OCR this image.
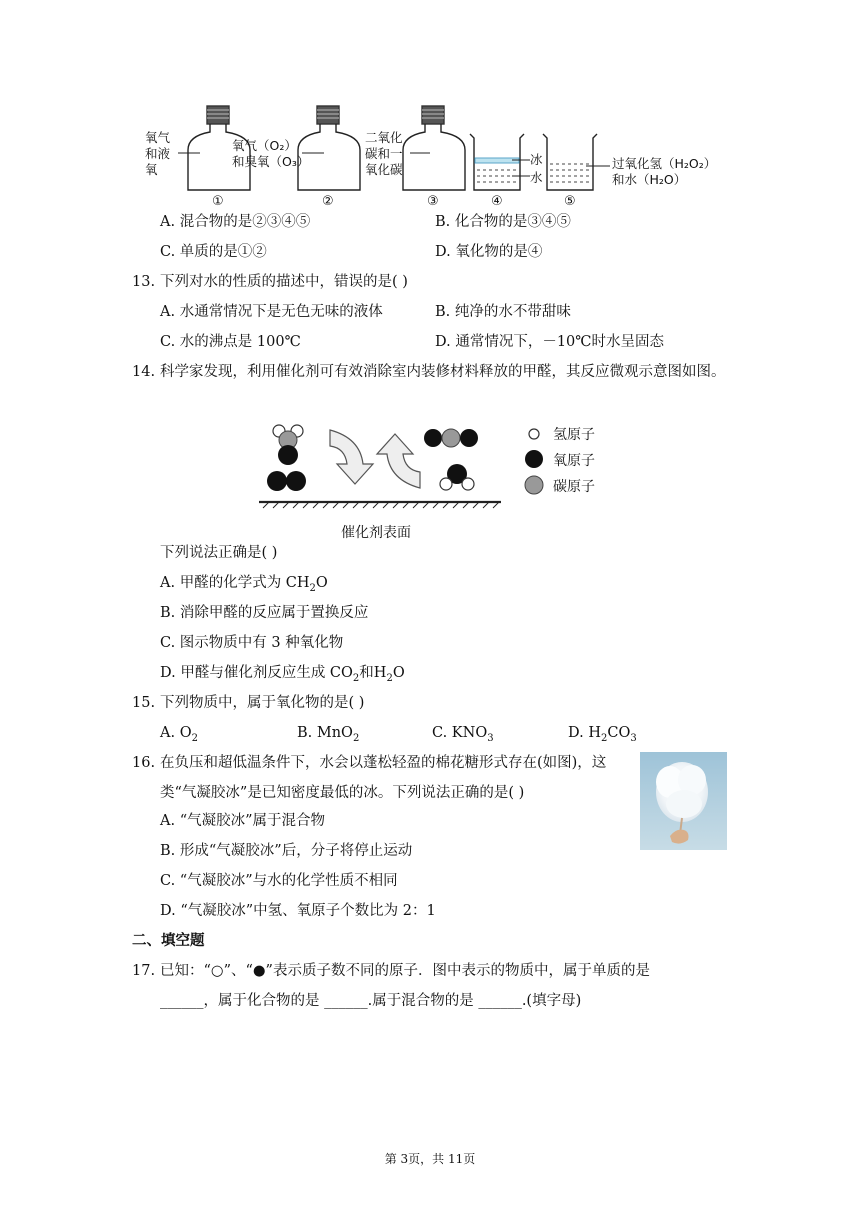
氧气
和液
氧
①
氧气（O₂）
和臭氧（O₃）
②
二氧化
碳和一
氧化碳
③
冰
水
④
过氧化氢（H₂O₂）
和水（H₂O）
⑤
A. 混合物的是②③④⑤	B. 化合物的是③④⑤
C. 单质的是①②	D. 氧化物的是④
13. 下列对水的性质的描述中，错误的是( )
A. 水通常情况下是无色无味的液体	B. 纯净的水不带甜味
C. 水的沸点是 100℃	D. 通常情况下，－10℃时水呈固态
14. 科学家发现，利用催化剂可有效消除室内装修材料释放的甲醛，其反应微观示意图如图。
氢原子
氧原子
碳原子
催化剂表面
下列说法正确是( )
A. 甲醛的化学式为 $CH_2O$
B. 消除甲醛的反应属于置换反应
C. 图示物质中有 3 种氧化物
D. 甲醛与催化剂反应生成 $CO_2$和$H_2O$
15. 下列物质中，属于氧化物的是( )
A. $O_2$	B. MnO$_2$	C. $KNO_3$	D. $H_2CO_3$
16. 在负压和超低温条件下，水会以蓬松轻盈的棉花糖形式存在(如图)，这
类“气凝胶冰”是已知密度最低的冰。下列说法正确的是( )
A. “气凝胶冰”属于混合物
B. 形成“气凝胶冰”后，分子将停止运动
C. “气凝胶冰”与水的化学性质不相同
D. “气凝胶冰”中氢、氧原子个数比为 2：1
二、填空题
17. 已知：“○”、“●”表示质子数不同的原子．图中表示的物质中，属于单质的是
______，属于化合物的是 ______.属于混合物的是 ______.(填字母)
第 3页，共 11页
